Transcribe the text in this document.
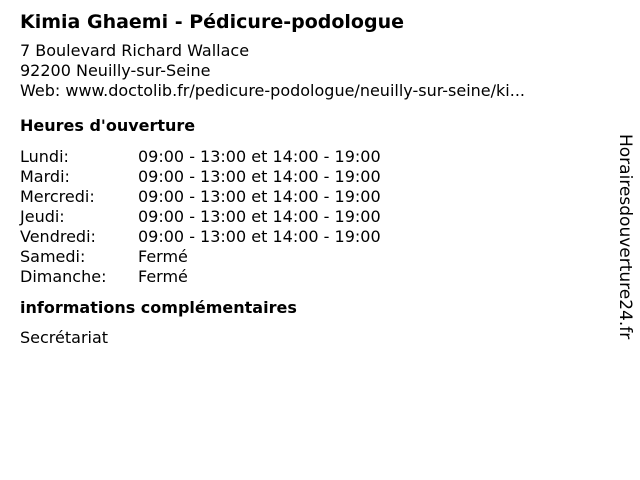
Kimia Ghaemi - Pédicure-podologue
7 Boulevard Richard Wallace
92200 Neuilly-sur-Seine
Web: www.doctolib.fr/pedicure-podologue/neuilly-sur-seine/ki...
Heures d'ouverture
Lundi:	09:00 - 13:00 et 14:00 - 19:00
Mardi:	09:00 - 13:00 et 14:00 - 19:00
Mercredi:	09:00 - 13:00 et 14:00 - 19:00
Jeudi:	09:00 - 13:00 et 14:00 - 19:00
Vendredi:	09:00 - 13:00 et 14:00 - 19:00
Samedi:	Fermé
Dimanche:	Fermé
informations complémentaires
Secrétariat	Horairesdouverture24.fr
